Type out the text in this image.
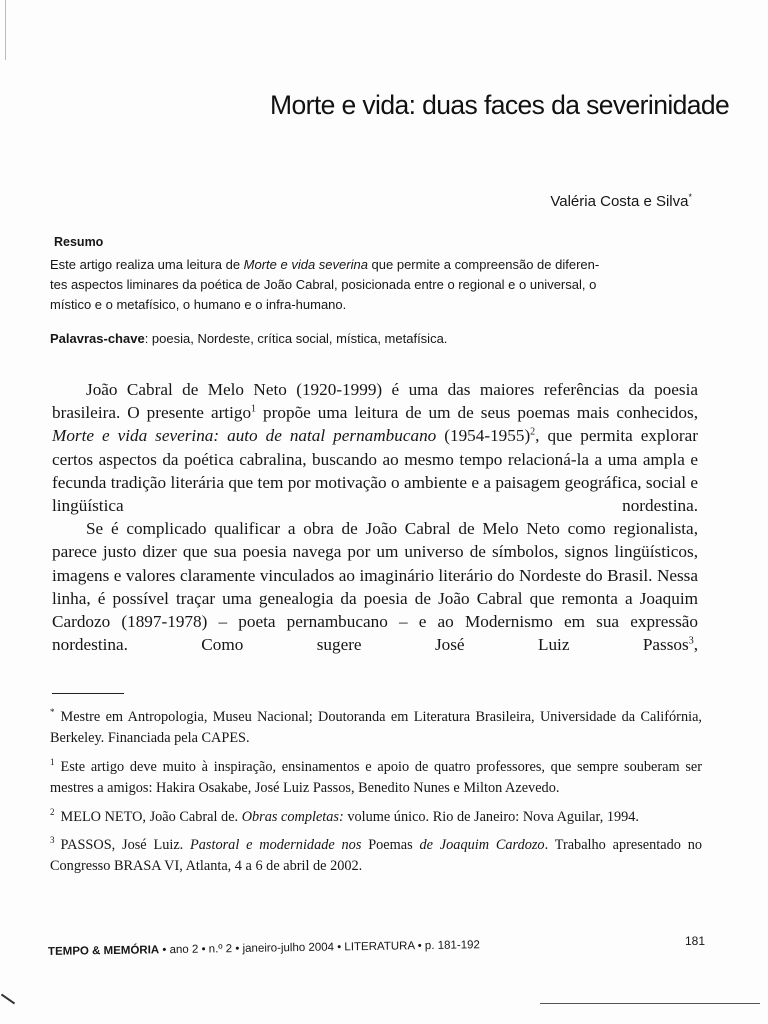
Morte e vida: duas faces da severinidade
Valéria Costa e Silva*
Resumo
Este artigo realiza uma leitura de Morte e vida severina que permite a compreensão de diferen-
tes aspectos liminares da poética de João Cabral, posicionada entre o regional e o universal, o
místico e o metafísico, o humano e o infra-humano.
Palavras-chave: poesia, Nordeste, crítica social, mística, metafísica.

João Cabral de Melo Neto (1920-1999) é uma das maiores referências da poesia brasileira. O presente artigo$^1$ propõe uma leitura de um de seus poemas mais conhecidos, Morte e vida severina: auto de natal pernambucano (1954-1955)$^2$, que permita explorar certos aspectos da poética cabralina, buscando ao mesmo tempo relacioná-la a uma ampla e fecunda tradição literária que tem por motivação o ambiente e a paisagem geográfica, social e lingüística nordestina.

Se é complicado qualificar a obra de João Cabral de Melo Neto como regionalista, parece justo dizer que sua poesia navega por um universo de símbolos, signos lingüísticos, imagens e valores claramente vinculados ao imaginário literário do Nordeste do Brasil. Nessa linha, é possível traçar uma genealogia da poesia de João Cabral que remonta a Joaquim Cardozo (1897-1978) – poeta pernambucano – e ao Modernismo em sua expressão nordestina. Como sugere José Luiz Passos$^3$,

* Mestre em Antropologia, Museu Nacional; Doutoranda em Literatura Brasileira, Universidade da Califórnia, Berkeley. Financiada pela CAPES.

$^1$ Este artigo deve muito à inspiração, ensinamentos e apoio de quatro professores, que sempre souberam ser mestres a amigos: Hakira Osakabe, José Luiz Passos, Benedito Nunes e Milton Azevedo.

$^2$ MELO NETO, João Cabral de. Obras completas: volume único. Rio de Janeiro: Nova Aguilar, 1994.

$^3$ PASSOS, José Luiz. Pastoral e modernidade nos Poemas de Joaquim Cardozo. Trabalho apresentado no Congresso BRASA VI, Atlanta, 4 a 6 de abril de 2002.

TEMPO & MEMÓRIA • ano 2 • n.º 2 • janeiro-julho 2004 • LITERATURA • p. 181-192	181
